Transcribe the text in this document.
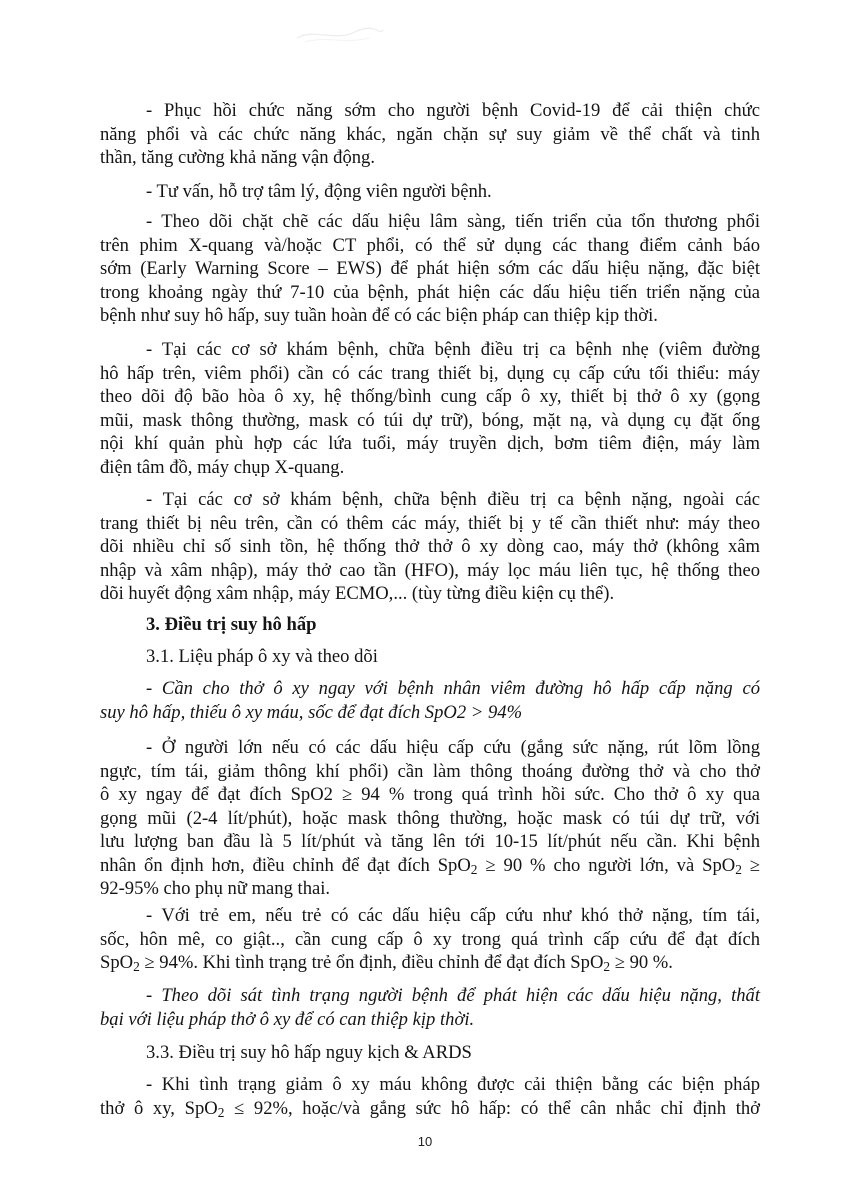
- Phục hồi chức năng sớm cho người bệnh Covid-19 để cải thiện chức
năng phổi và các chức năng khác, ngăn chặn sự suy giảm về thể chất và tinh
thần, tăng cường khả năng vận động.
- Tư vấn, hỗ trợ tâm lý, động viên người bệnh.
- Theo dõi chặt chẽ các dấu hiệu lâm sàng, tiến triển của tổn thương phổi
trên phim X-quang và/hoặc CT phổi, có thể sử dụng các thang điểm cảnh báo
sớm (Early Warning Score – EWS) để phát hiện sớm các dấu hiệu nặng, đặc biệt
trong khoảng ngày thứ 7-10 của bệnh, phát hiện các dấu hiệu tiến triển nặng của
bệnh như suy hô hấp, suy tuần hoàn để có các biện pháp can thiệp kịp thời.
- Tại các cơ sở khám bệnh, chữa bệnh điều trị ca bệnh nhẹ (viêm đường
hô hấp trên, viêm phổi) cần có các trang thiết bị, dụng cụ cấp cứu tối thiểu: máy
theo dõi độ bão hòa ô xy, hệ thống/bình cung cấp ô xy, thiết bị thở ô xy (gọng
mũi, mask thông thường, mask có túi dự trữ), bóng, mặt nạ, và dụng cụ đặt ống
nội khí quản phù hợp các lứa tuổi, máy truyền dịch, bơm tiêm điện, máy làm
điện tâm đồ, máy chụp X-quang.
- Tại các cơ sở khám bệnh, chữa bệnh điều trị ca bệnh nặng, ngoài các
trang thiết bị nêu trên, cần có thêm các máy, thiết bị y tế cần thiết như: máy theo
dõi nhiều chỉ số sinh tồn, hệ thống thở thở ô xy dòng cao, máy thở (không xâm
nhập và xâm nhập), máy thở cao tần (HFO), máy lọc máu liên tục, hệ thống theo
dõi huyết động xâm nhập, máy ECMO,... (tùy từng điều kiện cụ thể).
3. Điều trị suy hô hấp
3.1. Liệu pháp ô xy và theo dõi
- Cần cho thở ô xy ngay với bệnh nhân viêm đường hô hấp cấp nặng có
suy hô hấp, thiếu ô xy máu, sốc để đạt đích SpO2 > 94%
- Ở người lớn nếu có các dấu hiệu cấp cứu (gắng sức nặng, rút lõm lồng
ngực, tím tái, giảm thông khí phổi) cần làm thông thoáng đường thở và cho thở
ô xy ngay để đạt đích SpO2 ≥ 94 % trong quá trình hồi sức. Cho thở ô xy qua
gọng mũi (2-4 lít/phút), hoặc mask thông thường, hoặc mask có túi dự trữ, với
lưu lượng ban đầu là 5 lít/phút và tăng lên tới 10-15 lít/phút nếu cần. Khi bệnh
nhân ổn định hơn, điều chỉnh để đạt đích SpO$_2$ ≥ 90 % cho người lớn, và SpO$_2$ ≥
92-95% cho phụ nữ mang thai.
- Với trẻ em, nếu trẻ có các dấu hiệu cấp cứu như khó thở nặng, tím tái,
sốc, hôn mê, co giật.., cần cung cấp ô xy trong quá trình cấp cứu để đạt đích
SpO$_2$ ≥ 94%. Khi tình trạng trẻ ổn định, điều chỉnh để đạt đích SpO$_2$ ≥ 90 %.
- Theo dõi sát tình trạng người bệnh để phát hiện các dấu hiệu nặng, thất
bại với liệu pháp thở ô xy để có can thiệp kịp thời.
3.3. Điều trị suy hô hấp nguy kịch & ARDS
- Khi tình trạng giảm ô xy máu không được cải thiện bằng các biện pháp
thở ô xy, SpO$_2$ ≤ 92%, hoặc/và gắng sức hô hấp: có thể cân nhắc chỉ định thở
10
